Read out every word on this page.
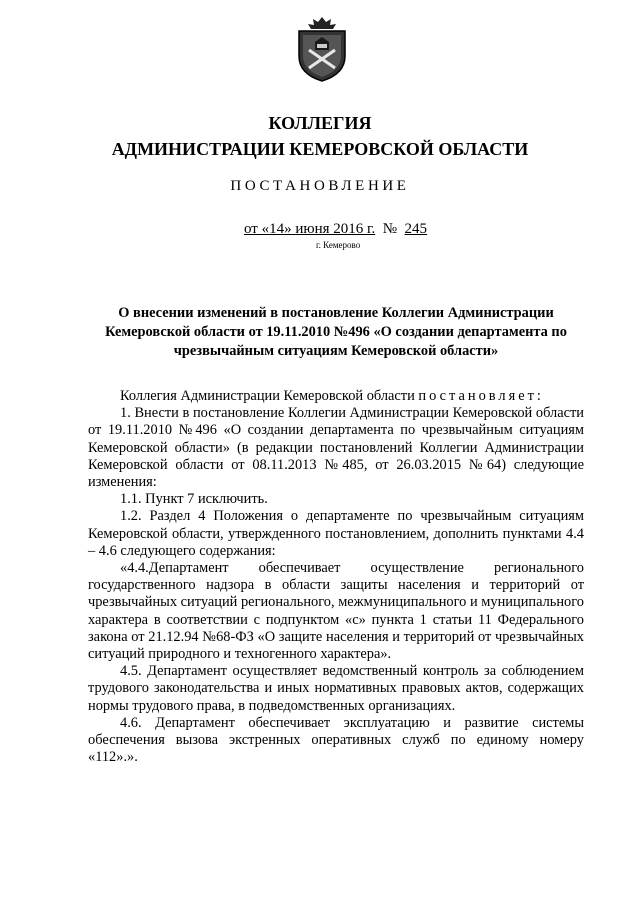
КОЛЛЕГИЯ
АДМИНИСТРАЦИИ КЕМЕРОВСКОЙ ОБЛАСТИ
ПОСТАНОВЛЕНИЕ
от «14» июня 2016 г. № 245
г. Кемерово
О внесении изменений в постановление Коллегии Администрации Кемеровской области от 19.11.2010 №496 «О создании департамента по чрезвычайным ситуациям Кемеровской области»

Коллегия Администрации Кемеровской области постановляет:

1. Внести в постановление Коллегии Администрации Кемеровской области от 19.11.2010 №496 «О создании департамента по чрезвычайным ситуациям Кемеровской области» (в редакции постановлений Коллегии Администрации Кемеровской области от 08.11.2013 №485, от 26.03.2015 №64) следующие изменения:

1.1. Пункт 7 исключить.

1.2. Раздел 4 Положения о департаменте по чрезвычайным ситуациям Кемеровской области, утвержденного постановлением, дополнить пунктами 4.4 – 4.6 следующего содержания:

«4.4.Департамент обеспечивает осуществление регионального государственного надзора в области защиты населения и территорий от чрезвычайных ситуаций регионального, межмуниципального и муниципального характера в соответствии с подпунктом «с» пункта 1 статьи 11 Федерального закона от 21.12.94 №68-ФЗ «О защите населения и территорий от чрезвычайных ситуаций природного и техногенного характера».

4.5. Департамент осуществляет ведомственный контроль за соблюдением трудового законодательства и иных нормативных правовых актов, содержащих нормы трудового права, в подведомственных организациях.

4.6. Департамент обеспечивает эксплуатацию и развитие системы обеспечения вызова экстренных оперативных служб по единому номеру «112».».
